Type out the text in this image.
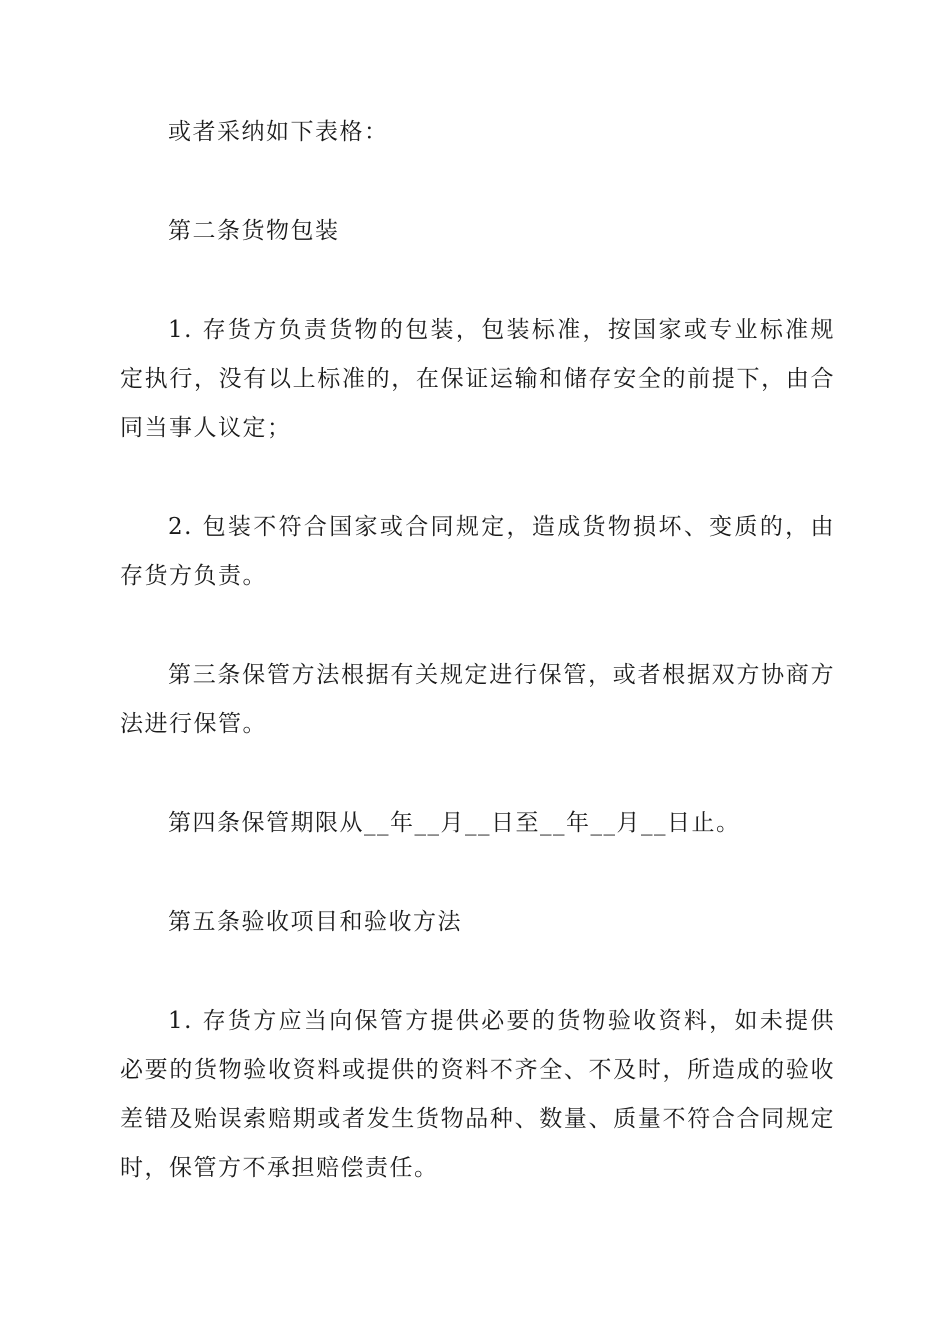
或者采纳如下表格：

第二条货物包装

1. 存货方负责货物的包装，包装标准，按国家或专业标准规定执行，没有以上标准的，在保证运输和储存安全的前提下，由合同当事人议定；

2. 包装不符合国家或合同规定，造成货物损坏、变质的，由存货方负责。

第三条保管方法根据有关规定进行保管，或者根据双方协商方法进行保管。

第四条保管期限从__年__月__日至__年__月__日止。

第五条验收项目和验收方法

1. 存货方应当向保管方提供必要的货物验收资料，如未提供必要的货物验收资料或提供的资料不齐全、不及时，所造成的验收差错及贻误索赔期或者发生货物品种、数量、质量不符合合同规定时，保管方不承担赔偿责任。
